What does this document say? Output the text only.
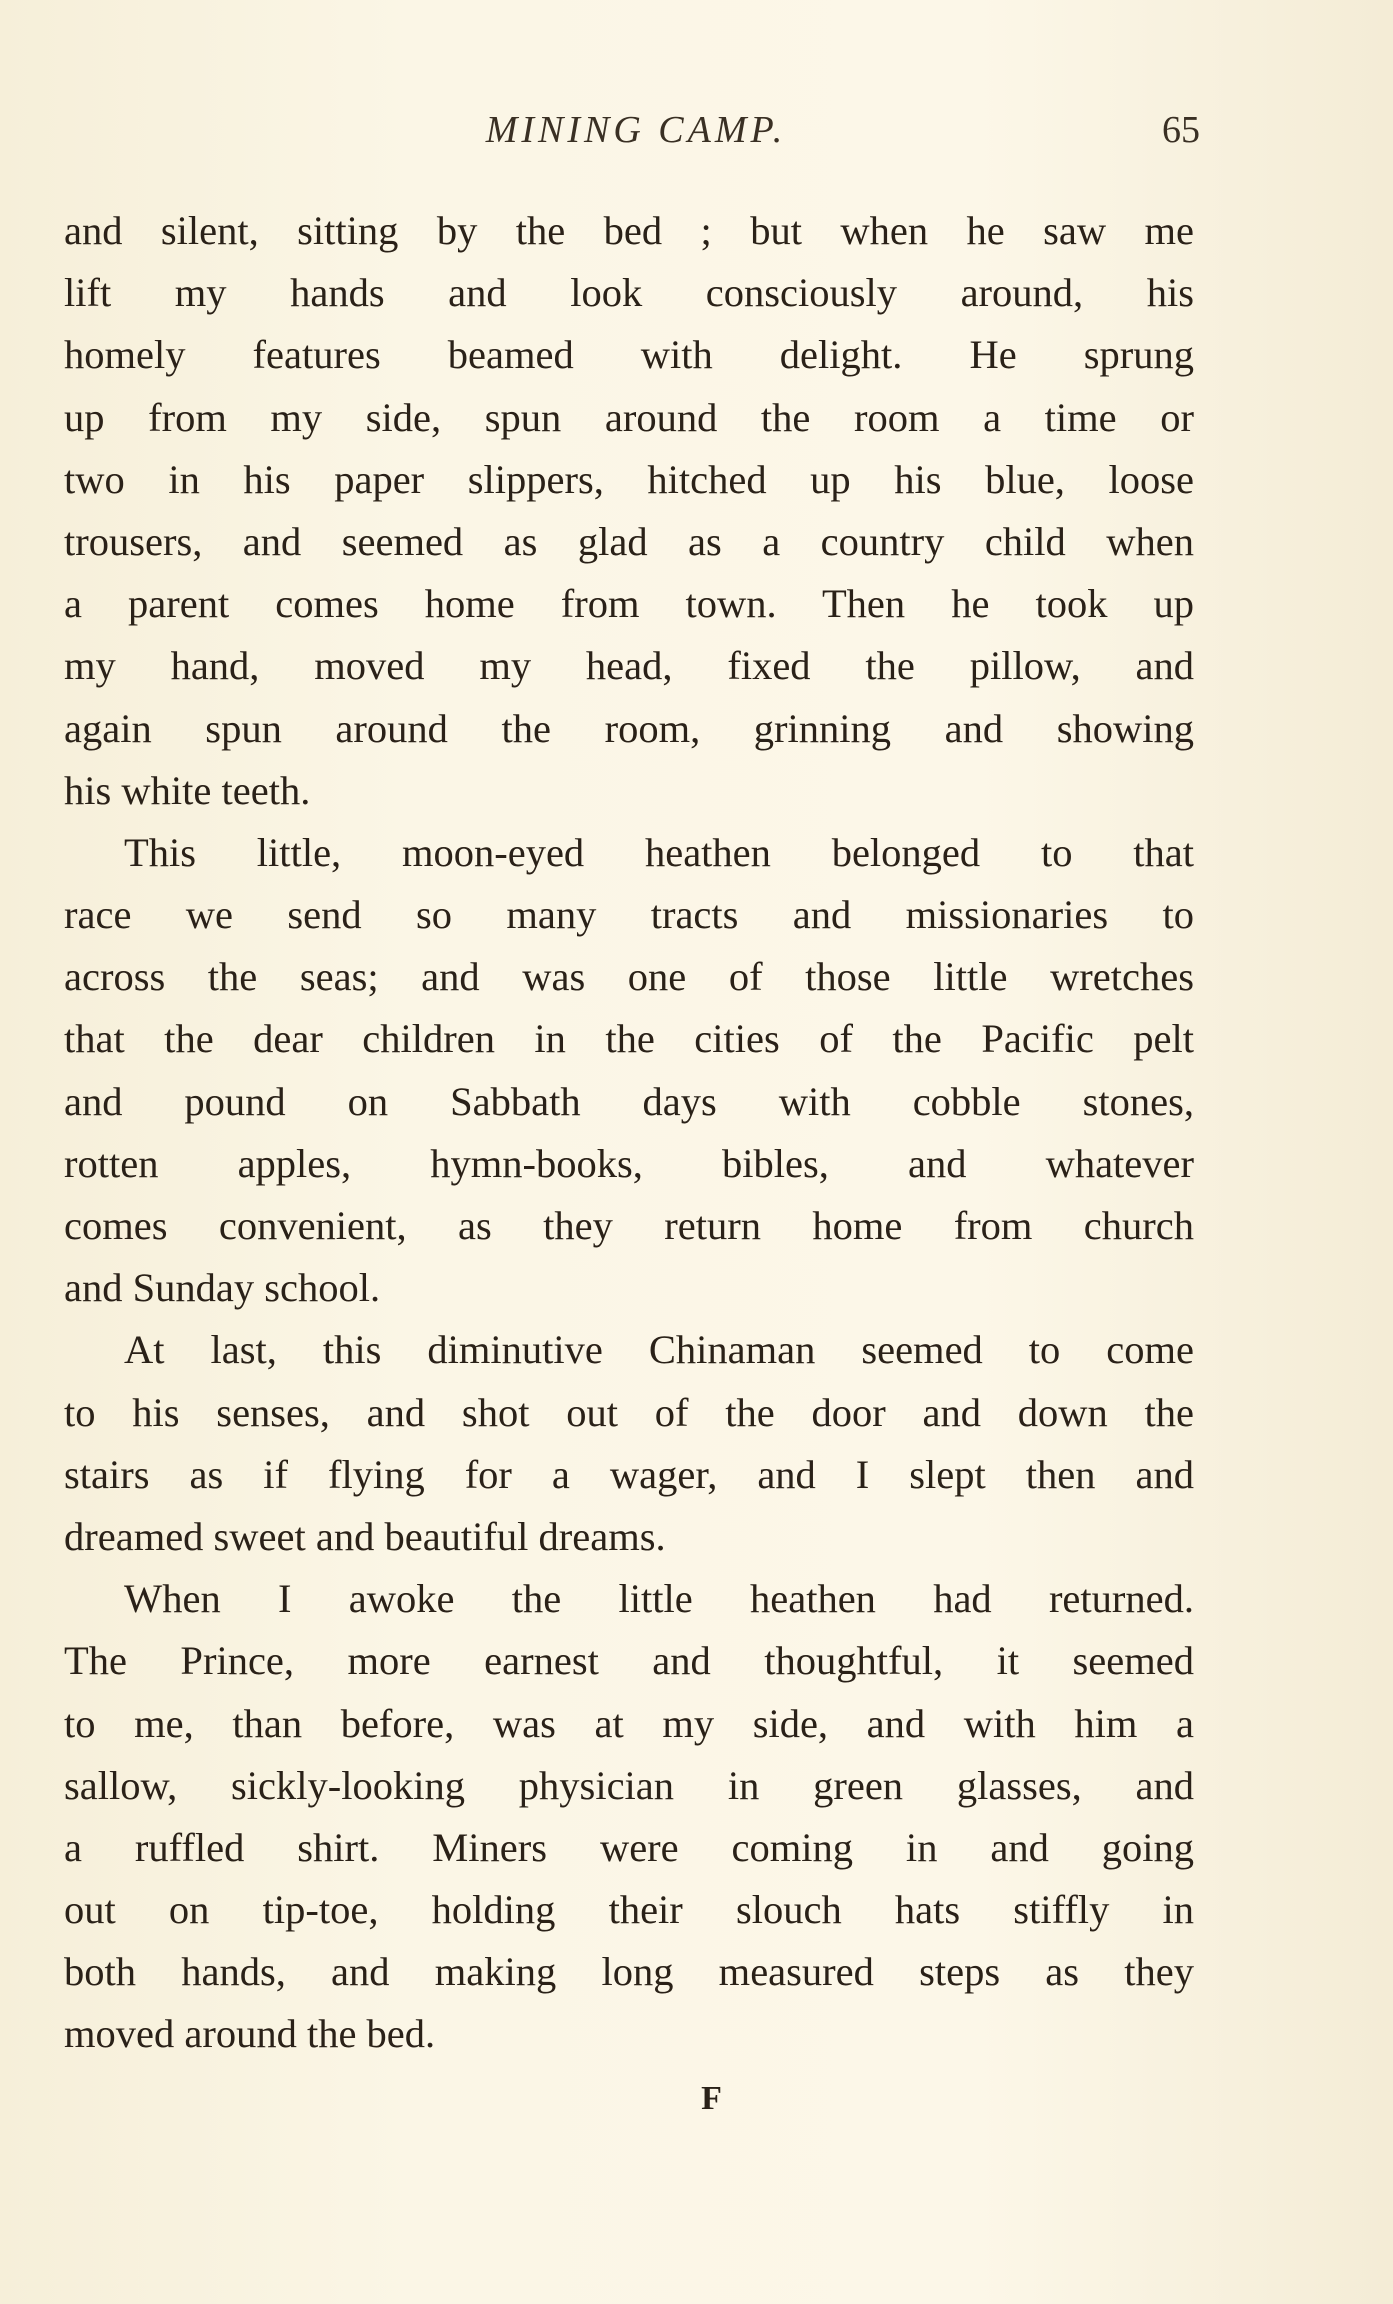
MINING CAMP.	65
and silent, sitting by the bed ; but when he saw me
lift my hands and look consciously around, his
homely features beamed with delight. He sprung
up from my side, spun around the room a time or
two in his paper slippers, hitched up his blue, loose
trousers, and seemed as glad as a country child when
a parent comes home from town. Then he took up
my hand, moved my head, fixed the pillow, and
again spun around the room, grinning and showing
his white teeth.
This little, moon-eyed heathen belonged to that
race we send so many tracts and missionaries to
across the seas; and was one of those little wretches
that the dear children in the cities of the Pacific pelt
and pound on Sabbath days with cobble stones,
rotten apples, hymn-books, bibles, and whatever
comes convenient, as they return home from church
and Sunday school.
At last, this diminutive Chinaman seemed to come
to his senses, and shot out of the door and down the
stairs as if flying for a wager, and I slept then and
dreamed sweet and beautiful dreams.
When I awoke the little heathen had returned.
The Prince, more earnest and thoughtful, it seemed
to me, than before, was at my side, and with him a
sallow, sickly-looking physician in green glasses, and
a ruffled shirt. Miners were coming in and going
out on tip-toe, holding their slouch hats stiffly in
both hands, and making long measured steps as they
moved around the bed.
F
